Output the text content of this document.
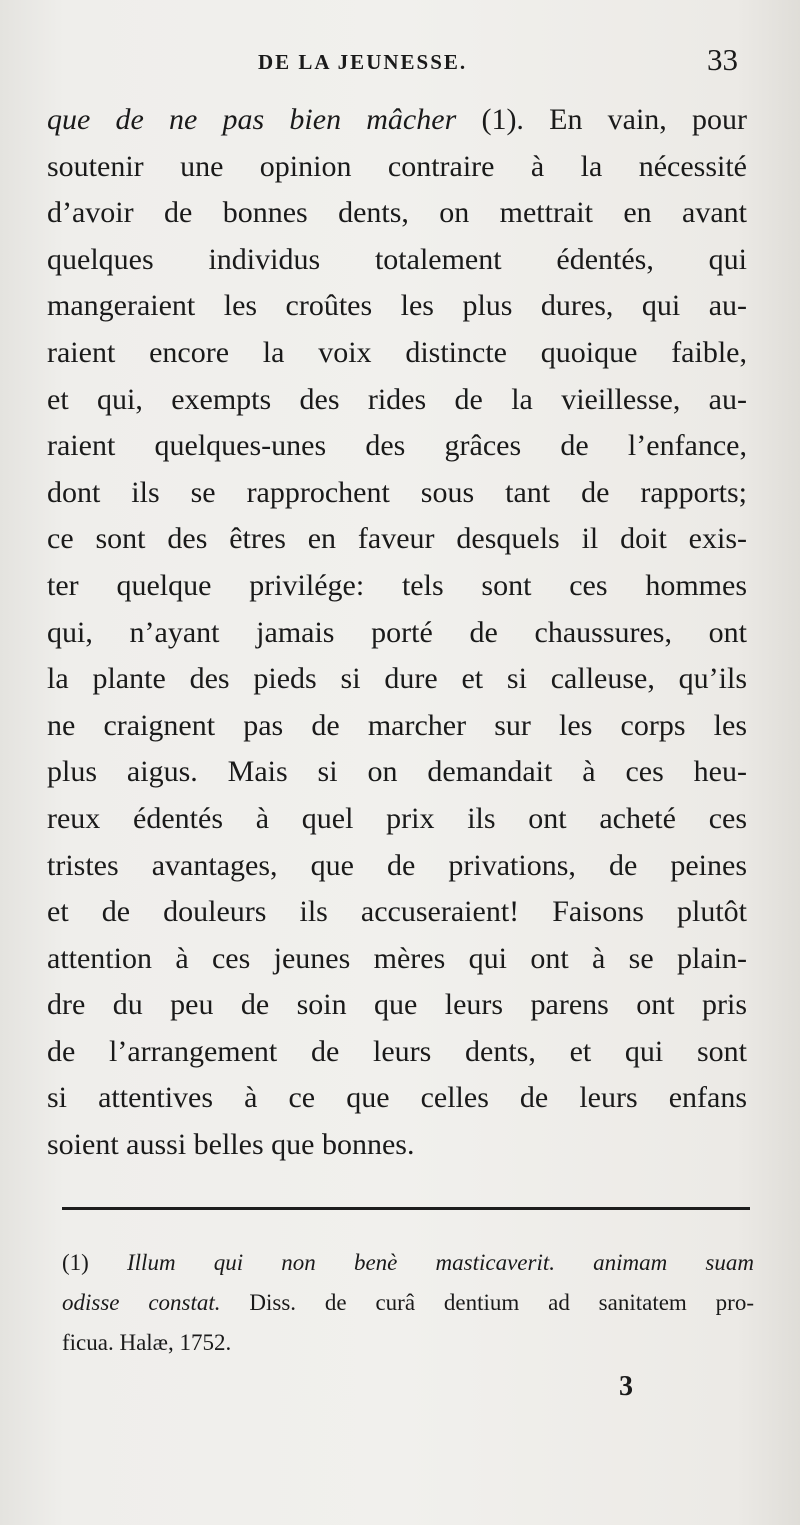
DE LA JEUNESSE.	33
que de ne pas bien mâcher (1). En vain, pour
soutenir une opinion contraire à la nécessité
d’avoir de bonnes dents, on mettrait en avant
quelques individus totalement édentés, qui
mangeraient les croûtes les plus dures, qui au-
raient encore la voix distincte quoique faible,
et qui, exempts des rides de la vieillesse, au-
raient quelques-unes des grâces de l’enfance,
dont ils se rapprochent sous tant de rapports;
ce sont des êtres en faveur desquels il doit exis-
ter quelque privilége: tels sont ces hommes
qui, n’ayant jamais porté de chaussures, ont
la plante des pieds si dure et si calleuse, qu’ils
ne craignent pas de marcher sur les corps les
plus aigus. Mais si on demandait à ces heu-
reux édentés à quel prix ils ont acheté ces
tristes avantages, que de privations, de peines
et de douleurs ils accuseraient! Faisons plutôt
attention à ces jeunes mères qui ont à se plain-
dre du peu de soin que leurs parens ont pris
de l’arrangement de leurs dents, et qui sont
si attentives à ce que celles de leurs enfans
soient aussi belles que bonnes.
(1) Illum qui non benè masticaverit. animam suam
odisse constat. Diss. de curâ dentium ad sanitatem pro-
ficua. Halæ, 1752.
3
